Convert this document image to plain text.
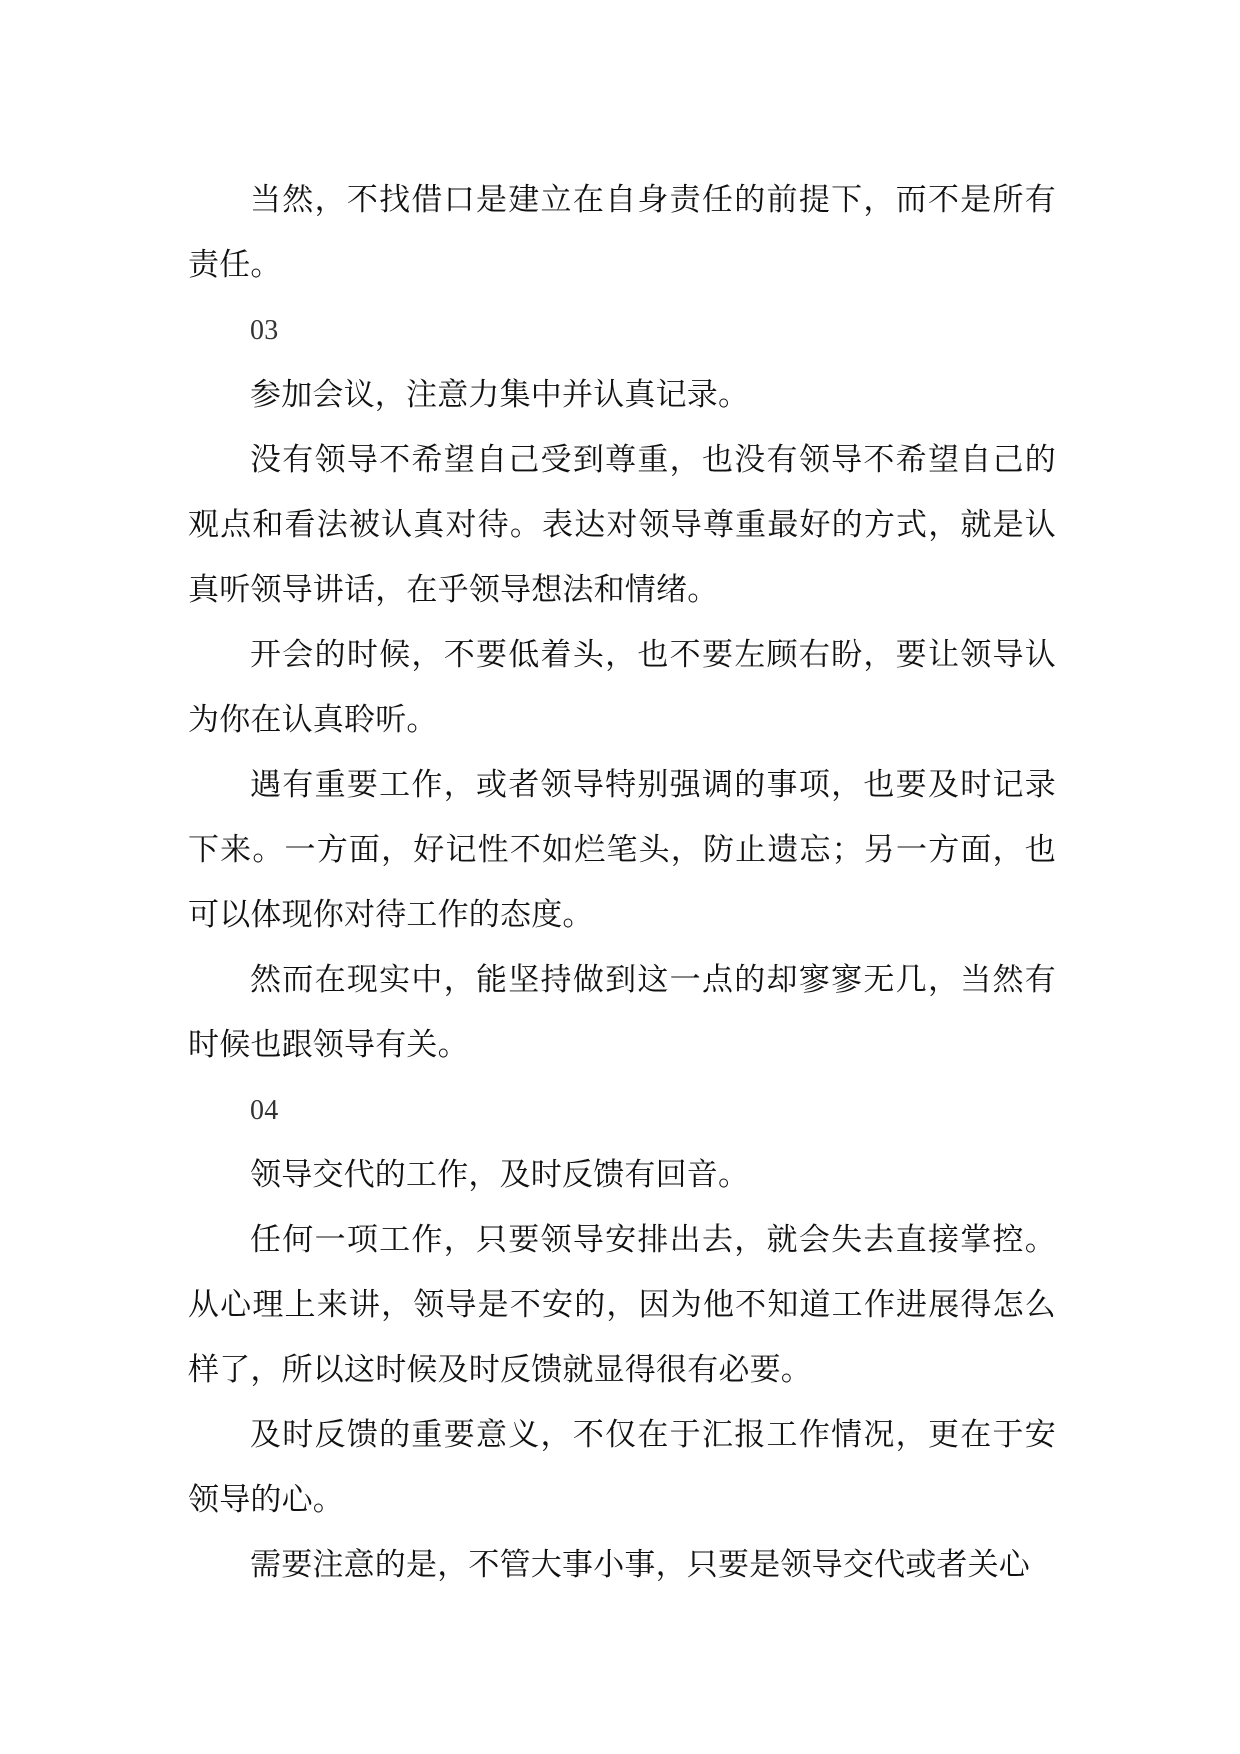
当然，不找借口是建立在自身责任的前提下，而不是所有责任。

03

参加会议，注意力集中并认真记录。

没有领导不希望自己受到尊重，也没有领导不希望自己的观点和看法被认真对待。表达对领导尊重最好的方式，就是认真听领导讲话，在乎领导想法和情绪。

开会的时候，不要低着头，也不要左顾右盼，要让领导认为你在认真聆听。

遇有重要工作，或者领导特别强调的事项，也要及时记录下来。一方面，好记性不如烂笔头，防止遗忘；另一方面，也可以体现你对待工作的态度。

然而在现实中，能坚持做到这一点的却寥寥无几，当然有时候也跟领导有关。

04

领导交代的工作，及时反馈有回音。

任何一项工作，只要领导安排出去，就会失去直接掌控。从心理上来讲，领导是不安的，因为他不知道工作进展得怎么样了，所以这时候及时反馈就显得很有必要。

及时反馈的重要意义，不仅在于汇报工作情况，更在于安领导的心。

需要注意的是，不管大事小事，只要是领导交代或者关心
